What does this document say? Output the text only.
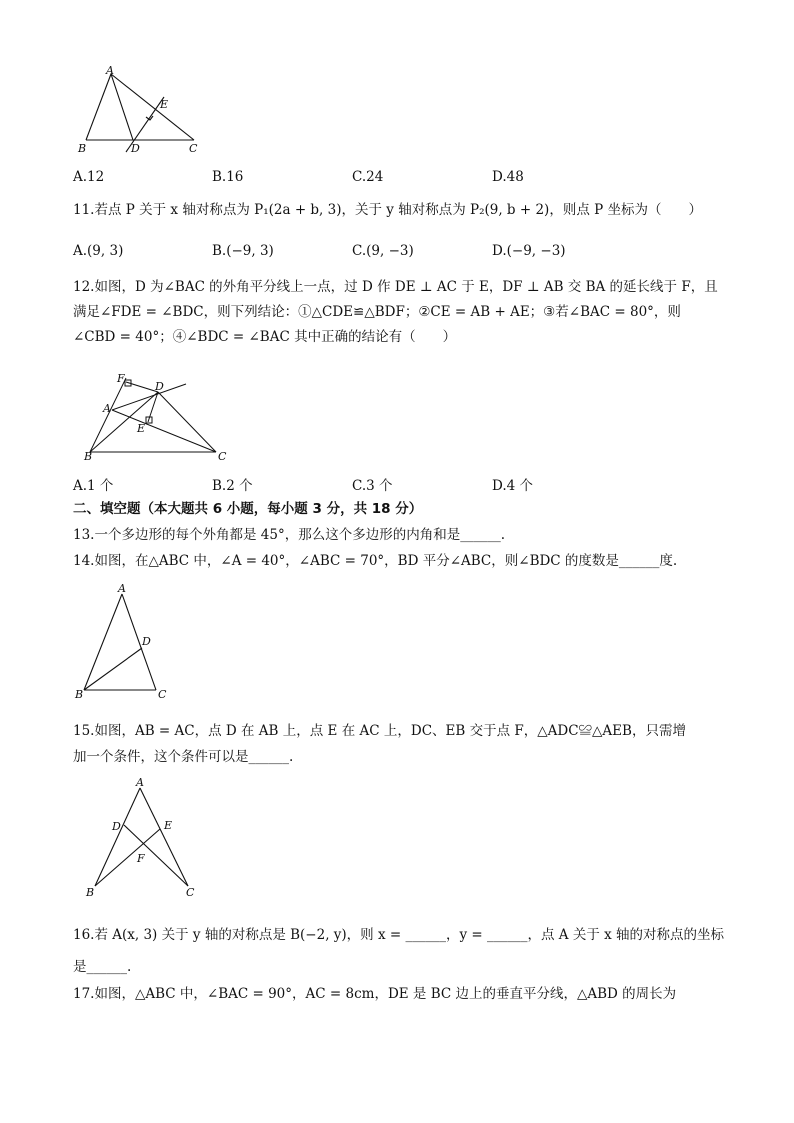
A
E
B	D	C
A.12	B.16	C.24	D.48
11.若点 P 关于 x 轴对称点为 P₁(2a + b, 3)，关于 y 轴对称点为 P₂(9, b + 2)，则点 P 坐标为（　　）
A.(9, 3)	B.(−9, 3)	C.(9, −3)	D.(−9, −3)
12.如图，D 为∠BAC 的外角平分线上一点，过 D 作 DE ⊥ AC 于 E，DF ⊥ AB 交 BA 的延长线于 F，且
满足∠FDE = ∠BDC，则下列结论：①△CDE≌△BDF；②CE = AB + AE；③若∠BAC = 80°，则
∠CBD = 40°；④∠BDC = ∠BAC 其中正确的结论有（　　）
F
D
A
E
B	C
A.1 个	B.2 个	C.3 个	D.4 个
二、填空题（本大题共 6 小题，每小题 3 分，共 18 分）
13.一个多边形的每个外角都是 45°，那么这个多边形的内角和是______.
14.如图，在△ABC 中，∠A = 40°，∠ABC = 70°，BD 平分∠ABC，则∠BDC 的度数是______度.
A
D
B	C
15.如图，AB = AC，点 D 在 AB 上，点 E 在 AC 上，DC、EB 交于点 F，△ADC≌△AEB，只需增
加一个条件，这个条件可以是______.
A
D	E
F
B	C
16.若 A(x, 3) 关于 y 轴的对称点是 B(−2, y)，则 x = ______，y = ______，点 A 关于 x 轴的对称点的坐标
是______.
17.如图，△ABC 中，∠BAC = 90°，AC = 8cm，DE 是 BC 边上的垂直平分线，△ABD 的周长为
